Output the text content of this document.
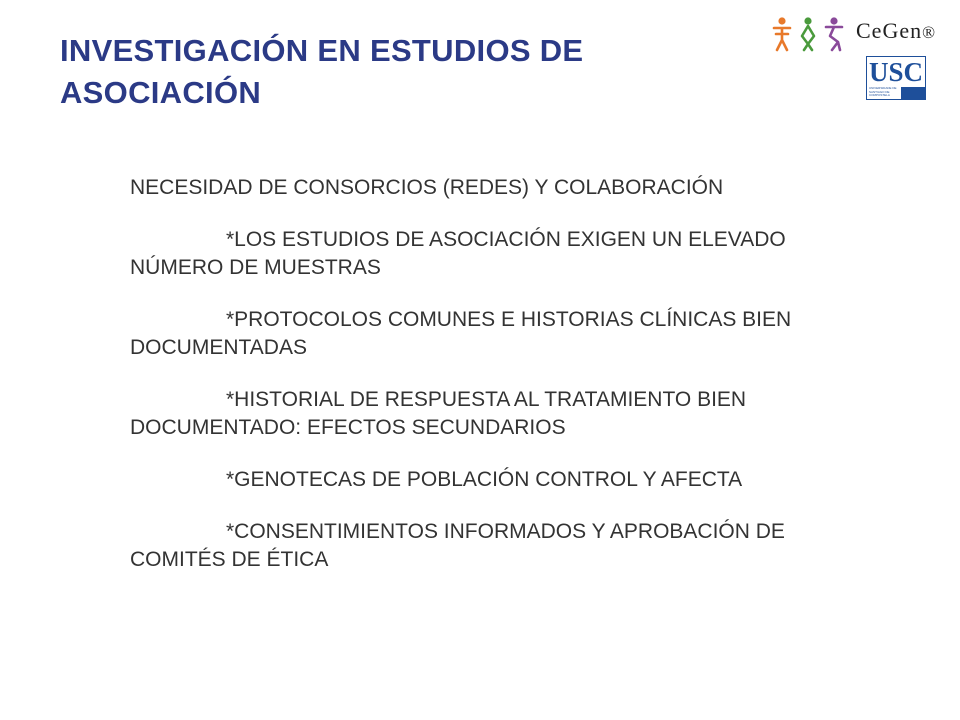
INVESTIGACIÓN EN ESTUDIOS DE ASOCIACIÓN
CeGen®
USC
UNIVERSIDADE DE SANTIAGO DE COMPOSTELA

NECESIDAD DE CONSORCIOS (REDES) Y COLABORACIÓN

*LOS ESTUDIOS DE ASOCIACIÓN EXIGEN UN ELEVADO NÚMERO DE MUESTRAS

*PROTOCOLOS COMUNES E HISTORIAS CLÍNICAS BIEN DOCUMENTADAS

*HISTORIAL DE RESPUESTA AL TRATAMIENTO BIEN DOCUMENTADO: EFECTOS SECUNDARIOS

*GENOTECAS DE POBLACIÓN CONTROL Y AFECTA

*CONSENTIMIENTOS INFORMADOS Y APROBACIÓN DE COMITÉS DE ÉTICA
